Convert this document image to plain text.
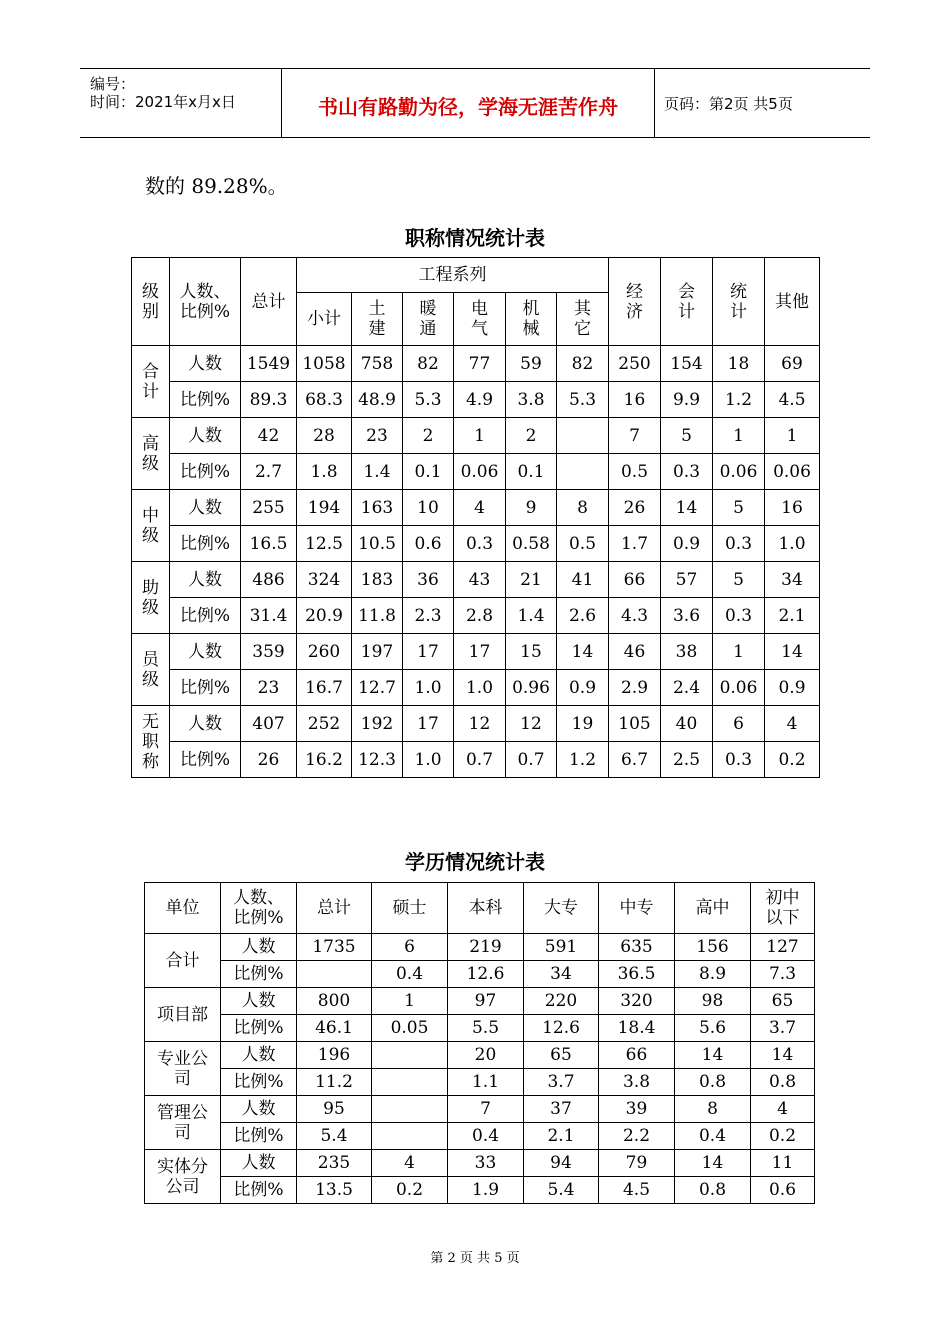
编号：
时间：2021年x月x日	书山有路勤为径，学海无涯苦作舟	页码：第2页 共5页
数的 89.28%。
职称情况统计表
级别	人数、比例%	总计	工程系列						经济	会计	统计	其他
			小计	土建	暖通	电气	机械	其它				
合计	人数	1549	1058	758	82	77	59	82	250	154	18	69
	比例%	89.3	68.3	48.9	5.3	4.9	3.8	5.3	16	9.9	1.2	4.5
高级	人数	42	28	23	2	1	2		7	5	1	1
	比例%	2.7	1.8	1.4	0.1	0.06	0.1		0.5	0.3	0.06	0.06
中级	人数	255	194	163	10	4	9	8	26	14	5	16
	比例%	16.5	12.5	10.5	0.6	0.3	0.58	0.5	1.7	0.9	0.3	1.0
助级	人数	486	324	183	36	43	21	41	66	57	5	34
	比例%	31.4	20.9	11.8	2.3	2.8	1.4	2.6	4.3	3.6	0.3	2.1
员级	人数	359	260	197	17	17	15	14	46	38	1	14
	比例%	23	16.7	12.7	1.0	1.0	0.96	0.9	2.9	2.4	0.06	0.9
无职称	人数	407	252	192	17	12	12	19	105	40	6	4
	比例%	26	16.2	12.3	1.0	0.7	0.7	1.2	6.7	2.5	0.3	0.2
学历情况统计表
单位	人数、比例%	总计	硕士	本科	大专	中专	高中	初中以下
合计	人数	1735	6	219	591	635	156	127
	比例%		0.4	12.6	34	36.5	8.9	7.3
项目部	人数	800	1	97	220	320	98	65
	比例%	46.1	0.05	5.5	12.6	18.4	5.6	3.7
专业公司	人数	196		20	65	66	14	14
	比例%	11.2		1.1	3.7	3.8	0.8	0.8
管理公司	人数	95		7	37	39	8	4
	比例%	5.4		0.4	2.1	2.2	0.4	0.2
实体分公司	人数	235	4	33	94	79	14	11
	比例%	13.5	0.2	1.9	5.4	4.5	0.8	0.6
第 2 页 共 5 页
